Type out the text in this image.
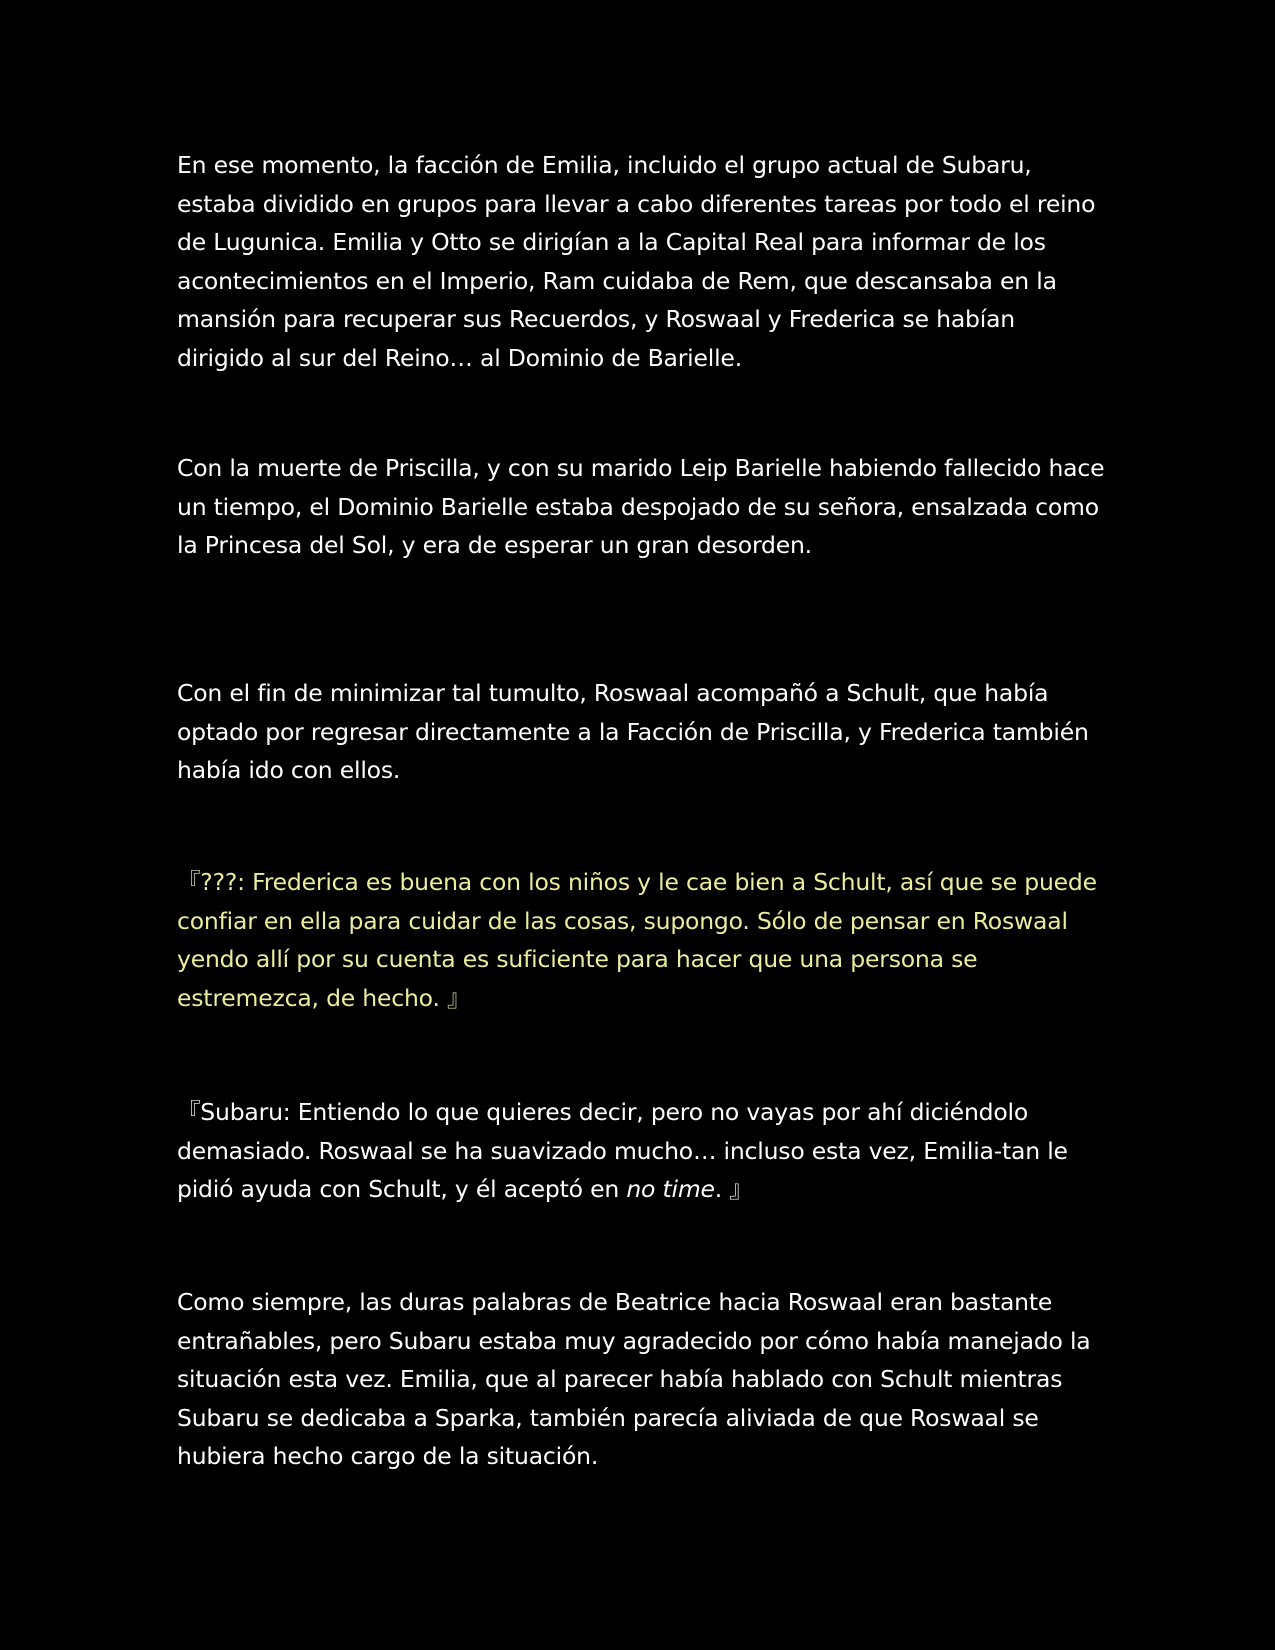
En ese momento, la facción de Emilia, incluido el grupo actual de Subaru, estaba dividido en grupos para llevar a cabo diferentes tareas por todo el reino de Lugunica. Emilia y Otto se dirigían a la Capital Real para informar de los acontecimientos en el Imperio, Ram cuidaba de Rem, que descansaba en la mansión para recuperar sus Recuerdos, y Roswaal y Frederica se habían dirigido al sur del Reino… al Dominio de Barielle.

Con la muerte de Priscilla, y con su marido Leip Barielle habiendo fallecido hace un tiempo, el Dominio Barielle estaba despojado de su señora, ensalzada como la Princesa del Sol, y era de esperar un gran desorden.

Con el fin de minimizar tal tumulto, Roswaal acompañó a Schult, que había optado por regresar directamente a la Facción de Priscilla, y Frederica también había ido con ellos.

『???: Frederica es buena con los niños y le cae bien a Schult, así que se puede confiar en ella para cuidar de las cosas, supongo. Sólo de pensar en Roswaal yendo allí por su cuenta es suficiente para hacer que una persona se estremezca, de hecho. 』

『Subaru: Entiendo lo que quieres decir, pero no vayas por ahí diciéndolo demasiado. Roswaal se ha suavizado mucho… incluso esta vez, Emilia-tan le pidió ayuda con Schult, y él aceptó en no time. 』

Como siempre, las duras palabras de Beatrice hacia Roswaal eran bastante entrañables, pero Subaru estaba muy agradecido por cómo había manejado la situación esta vez. Emilia, que al parecer había hablado con Schult mientras Subaru se dedicaba a Sparka, también parecía aliviada de que Roswaal se hubiera hecho cargo de la situación.
